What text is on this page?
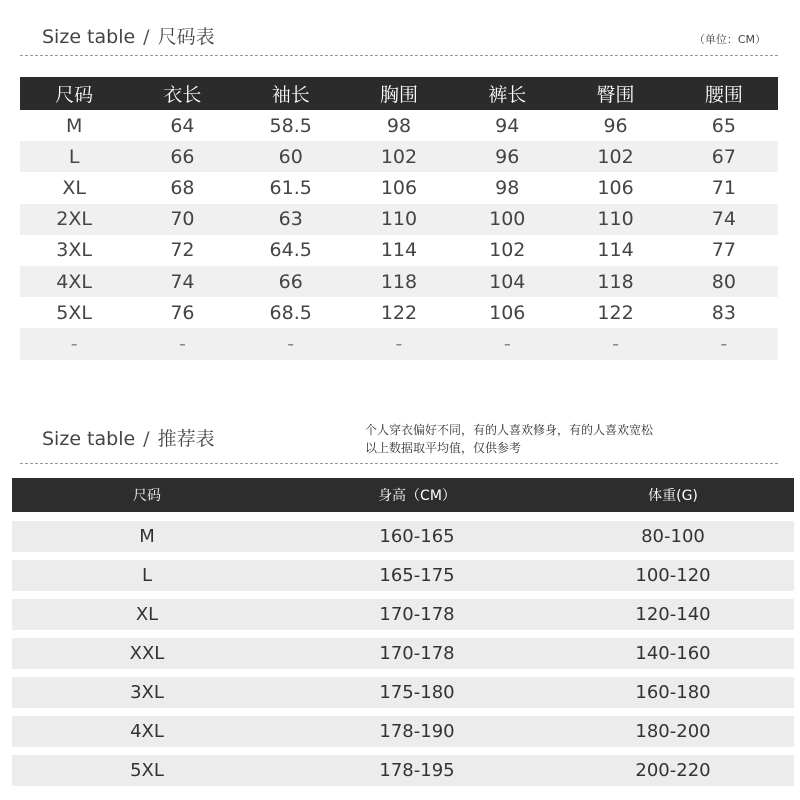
Size table / 尺码表	（单位：CM）
尺码	衣长	袖长	胸围	裤长	臀围	腰围
M	64	58.5	98	94	96	65
L	66	60	102	96	102	67
XL	68	61.5	106	98	106	71
2XL	70	63	110	100	110	74
3XL	72	64.5	114	102	114	77
4XL	74	66	118	104	118	80
5XL	76	68.5	122	106	122	83
-	-	-	-	-	-	-
Size table / 推荐表	个人穿衣偏好不同，有的人喜欢修身，有的人喜欢宽松
以上数据取平均值，仅供参考
尺码	身高（CM）	体重(G)
M	160-165	80-100
L	165-175	100-120
XL	170-178	120-140
XXL	170-178	140-160
3XL	175-180	160-180
4XL	178-190	180-200
5XL	178-195	200-220
